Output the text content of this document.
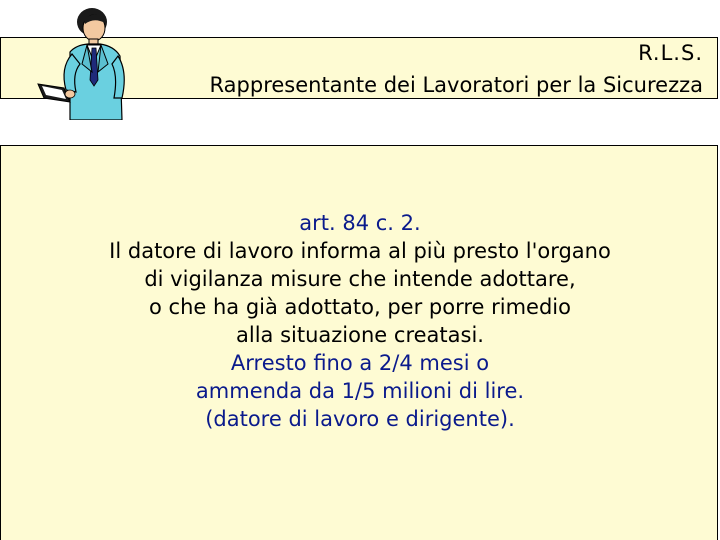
R.L.S.
Rappresentante dei Lavoratori per la Sicurezza
art. 84 c. 2.
Il datore di lavoro informa al più presto l'organo
di vigilanza misure che intende adottare,
o che ha già adottato, per porre rimedio
alla situazione creatasi.
Arresto fino a 2/4 mesi o
ammenda da 1/5 milioni di lire.
(datore di lavoro e dirigente).
